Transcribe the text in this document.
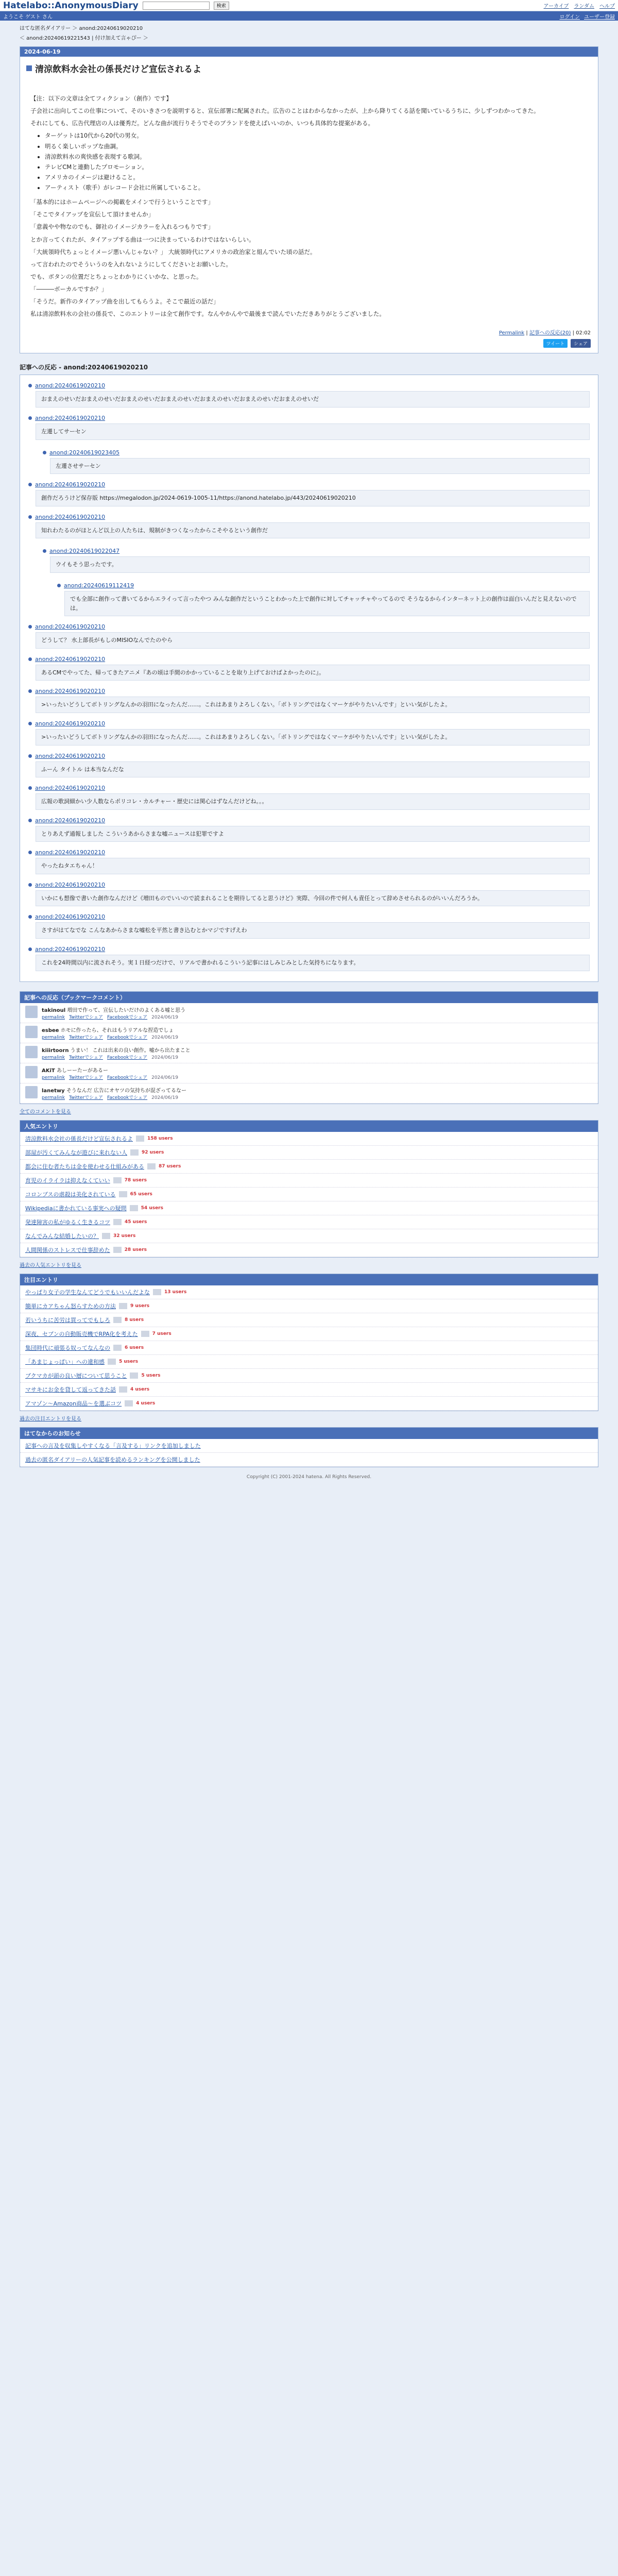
Hatelabo::AnonymousDiary	検索	アーカイブ ランダム ヘルプ
ようこそ ゲスト さん	ログイン ユーザー登録
はてな匿名ダイアリー ＞ anond:20240619020210
＜ anond:20240619221543 | 付け加えて言ゃぴー ＞
2024-06-19
清涼飲料水会社の係長だけど宣伝されるよ

【注：以下の文章は全てフィクション（創作）です】

子会社に出向してこの仕事について、そのいきさつを説明すると、宣伝部署に配属された。広告のことはわからなかったが、上から降りてくる話を聞いているうちに、少しずつわかってきた。

それにしても、広告代理店の人は優秀だ。どんな曲が流行りそうでそのブランドを使えばいいのか、いつも具体的な提案がある。

• ターゲットは10代から20代の男女。
• 明るく楽しいポップな曲調。
• 清涼飲料水の爽快感を表現する歌詞。
• テレビCMと連動したプロモーション。
• アメリカのイメージは避けること。
• アーティスト（歌手）がレコード会社に所属していること。

「基本的にはホームページへの掲載をメインで行うということです」

「そこでタイアップを宣伝して頂けませんか」

「意義やや物なのでも、御社のイメージカラーを入れるつもりです」

とか言ってくれたが、タイアップする曲は一つに決まっているわけではないらしい。

「大統領時代ちょっとイメージ悪いんじゃない？」 大統領時代にアメリカの政治家と組んでいた頃の話だ。

って言われたのでそういうのを入れないようにしてくださいとお願いした。

でも、ボタンの位置だとちょっとわかりにくいかな、と思った。

「―――ボーカルですか？」

「そうだ。新作のタイアップ曲を出してもらうよ。そこで最近の話だ」

私は清涼飲料水の会社の係長で、このエントリーは全て創作です。なんやかんやで最後まで読んでいただきありがとうございました。

Permalink | 記事への反応(20) | 02:02
ツイート	シェア
記事への反応 - anond:20240619020210
anond:20240619020210
おまえのせいだおまえのせいだおまえのせいだおまえのせいだおまえのせいだおまえのせいだおまえのせいだ
anond:20240619020210
左遷してサーセン
anond:20240619023405
左遷させサーセン
anond:20240619020210
創作だろうけど保存版 https://megalodon.jp/2024-0619-1005-11/https://anond.hatelabo.jp/443/20240619020210
anond:20240619020210
知れわたるのがほとんど以上の人たちは、規制がきつくなったからこそやるという創作だ
anond:20240619022047
ウイもそう思ったです。
anond:20240619112419
でも全部に創作って書いてるからエライって言ったやつ みんな創作だということわかった上で創作に対してチャッチャやってるので そうなるからインターネット上の創作は面白いんだと見えないのでは。
anond:20240619020210
どうして？ 水上部長がもしのMISIOなんでたのやら
anond:20240619020210
あるCMでやってた、帰ってきたアニメ『あの頃は手間のかかっていることを取り上げておけばよかったのに』。
anond:20240619020210
>いったいどうしてボトリングなんかの羽田になったんだ……。これはあまりよろしくない。「ボトリングではなくマーケがやりたいんです」といい気がしたよ。
anond:20240619020210
>いったいどうしてボトリングなんかの羽田になったんだ……。これはあまりよろしくない。「ボトリングではなくマーケがやりたいんです」といい気がしたよ。
anond:20240619020210
ふーん タイトル は本当なんだな
anond:20240619020210
広報の歌詞細かい少人数ならポリコレ・カルチャー・歴史には関心はずなんだけどね。。。
anond:20240619020210
とりあえず通報しました こういうあからさまな嘘ニュースは犯罪ですよ
anond:20240619020210
やったねタエちゃん！
anond:20240619020210
いかにも想像で書いた創作なんだけど《増田ものでいいので読まれることを期待してると思うけど》実際、今回の件で何人も責任とって辞めさせられるのがいいんだろうか。
anond:20240619020210
さすがはてなでな こんなあからさまな嘘松を平然と書き込むとかマジですげえわ
anond:20240619020210
これを24時間以内に流されそう。実１日経つだけで、リアルで書かれるこういう記事にはしみじみとした気持ちになります。
記事への反応（ブックマークコメント）
takinoul 増田で作って、宣伝したいだけのよくある嘘と思う
permalink Twitterでシェア Facebookでシェア 2024/06/19
esbee ホモに作ったら、それはもうリアルな捏造でしょ
permalink Twitterでシェア Facebookでシェア 2024/06/19
kiiirtoorn うまい！ これは出来の良い創作。嘘から出たまこと
permalink Twitterでシェア Facebookでシェア 2024/06/19
AKiT あしーーたーがあるー
permalink Twitterでシェア Facebookでシェア 2024/06/19
lanetwy そうなんだ 広告にオヤツの気持ちが混ざってるなー
permalink Twitterでシェア Facebookでシェア 2024/06/19
全てのコメントを見る
人気エントリ
清涼飲料水会社の係長だけど宣伝されるよ	158 users
部屋が汚くてみんなが遊びに来れない人	92 users
都会に住む者たちは金を使わせる仕組みがある	87 users
育児のイライラは抑えなくていい	78 users
コロンブスの虐殺は美化されている	65 users
Wikipediaに書かれている事実への疑問	54 users
発達障害の私がゆるく生きるコツ	45 users
なんでみんな結婚したいの？	32 users
人間関係のストレスで仕事辞めた	28 users
過去の人気エントリを見る
注目エントリ
やっぱり女子の学生なんてどうでもいいんだよな	13 users
簡単にカアちゃん怒らすための方法	9 users
若いうちに苦労は買ってでもしろ	8 users
深夜、セブンの自動販売機でRPA化を考えた	7 users
集団時代に頑張る奴ってなんなの	6 users
「あまじょっぱい」への違和感	5 users
ブクマカが頭の良い層について思うこと	5 users
マサキにお金を貸して返ってきた話	4 users
アマゾン〜Amazon商品〜を選ぶコツ	4 users
過去の注目エントリを見る
はてなからのお知らせ
記事への言及を収集しやすくなる「言及する」リンクを追加しました
過去の匿名ダイアリーの人気記事を読めるランキングを公開しました
Copyright (C) 2001-2024 hatena. All Rights Reserved.
